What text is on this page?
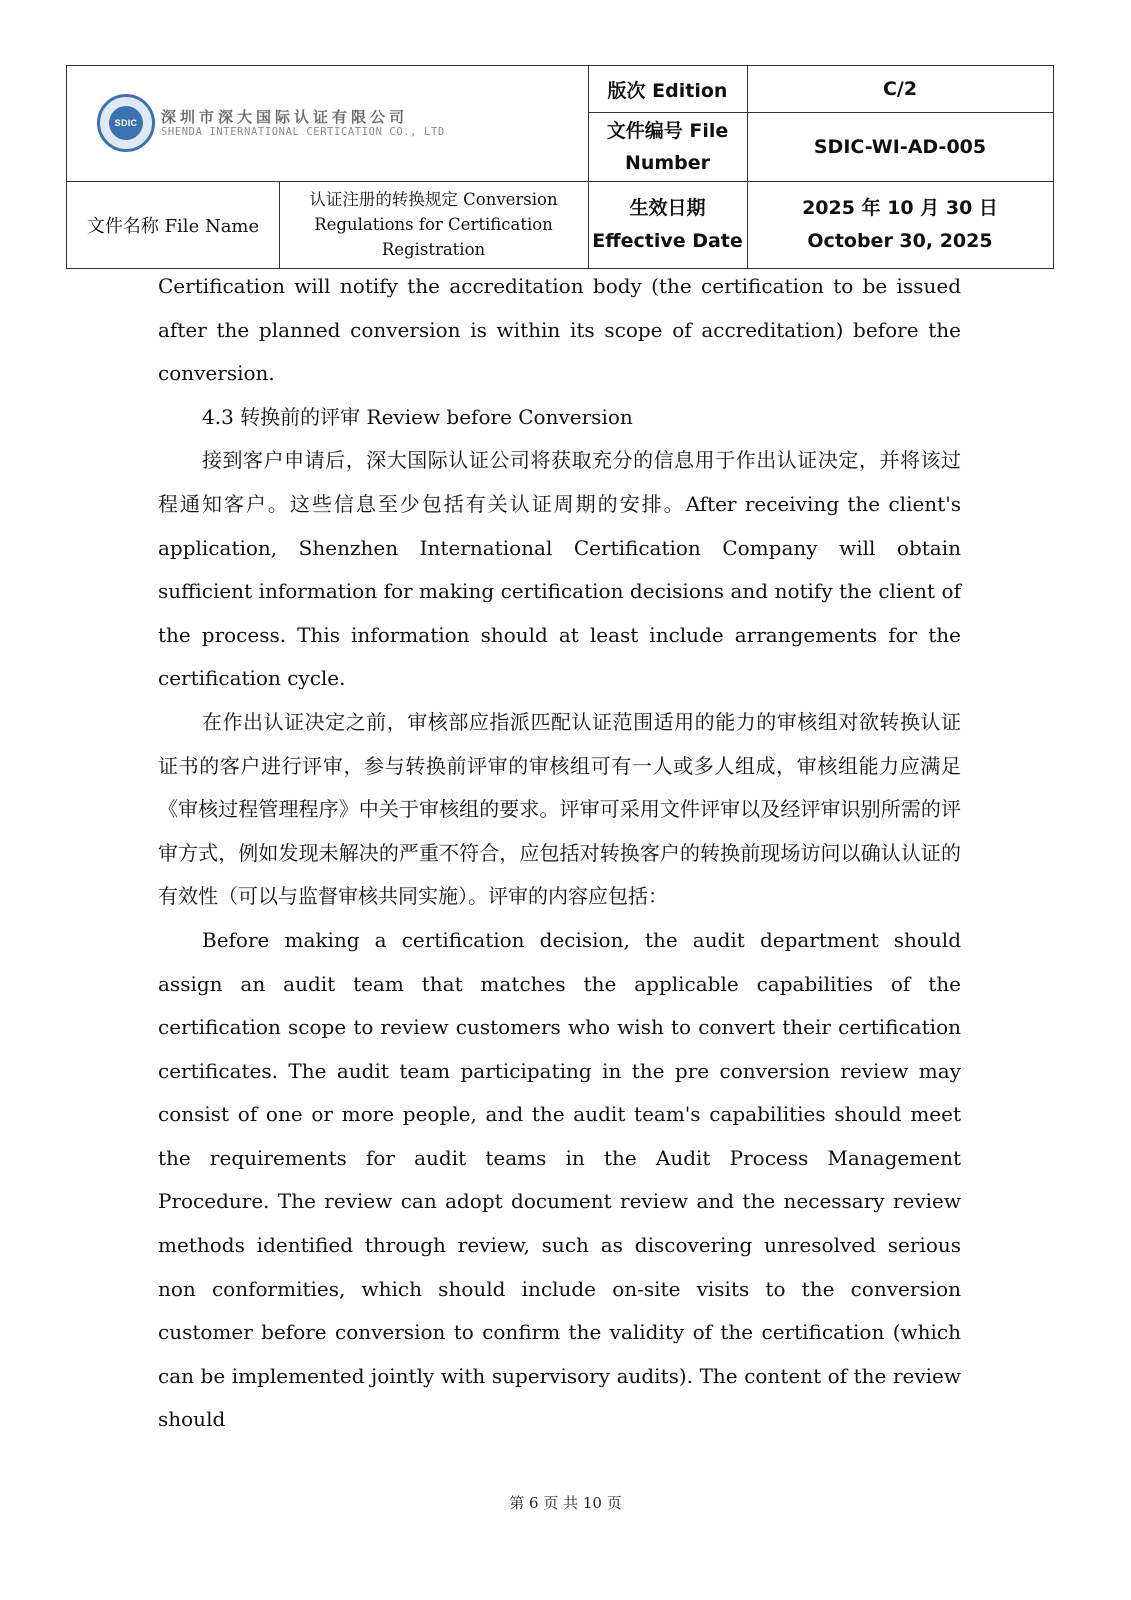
SDIC	深圳市深大国际认证有限公司
SHENDA INTERNATIONAL CERTICATION CO., LTD
版次 Edition	C/2
文件编号 File Number
SDIC-WI-AD-005
文件名称 File Name
认证注册的转换规定 Conversion Regulations for Certification Registration
生效日期
Effective Date
2025 年 10 月 30 日
October 30, 2025

Certification will notify the accreditation body (the certification to be issued after the planned conversion is within its scope of accreditation) before the conversion.

4.3 转换前的评审 Review before Conversion

接到客户申请后，深大国际认证公司将获取充分的信息用于作出认证决定，并将该过程通知客户。这些信息至少包括有关认证周期的安排。After receiving the client's application, Shenzhen International Certification Company will obtain sufficient information for making certification decisions and notify the client of the process. This information should at least include arrangements for the certification cycle.

在作出认证决定之前，审核部应指派匹配认证范围适用的能力的审核组对欲转换认证证书的客户进行评审，参与转换前评审的审核组可有一人或多人组成，审核组能力应满足《审核过程管理程序》中关于审核组的要求。评审可采用文件评审以及经评审识别所需的评审方式，例如发现未解决的严重不符合，应包括对转换客户的转换前现场访问以确认认证的有效性（可以与监督审核共同实施）。评审的内容应包括：

Before making a certification decision, the audit department should assign an audit team that matches the applicable capabilities of the certification scope to review customers who wish to convert their certification certificates. The audit team participating in the pre conversion review may consist of one or more people, and the audit team's capabilities should meet the requirements for audit teams in the Audit Process Management Procedure. The review can adopt document review and the necessary review methods identified through review, such as discovering unresolved serious non conformities, which should include on-site visits to the conversion customer before conversion to confirm the validity of the certification (which can be implemented jointly with supervisory audits). The content of the review should

第 6 页 共 10 页
